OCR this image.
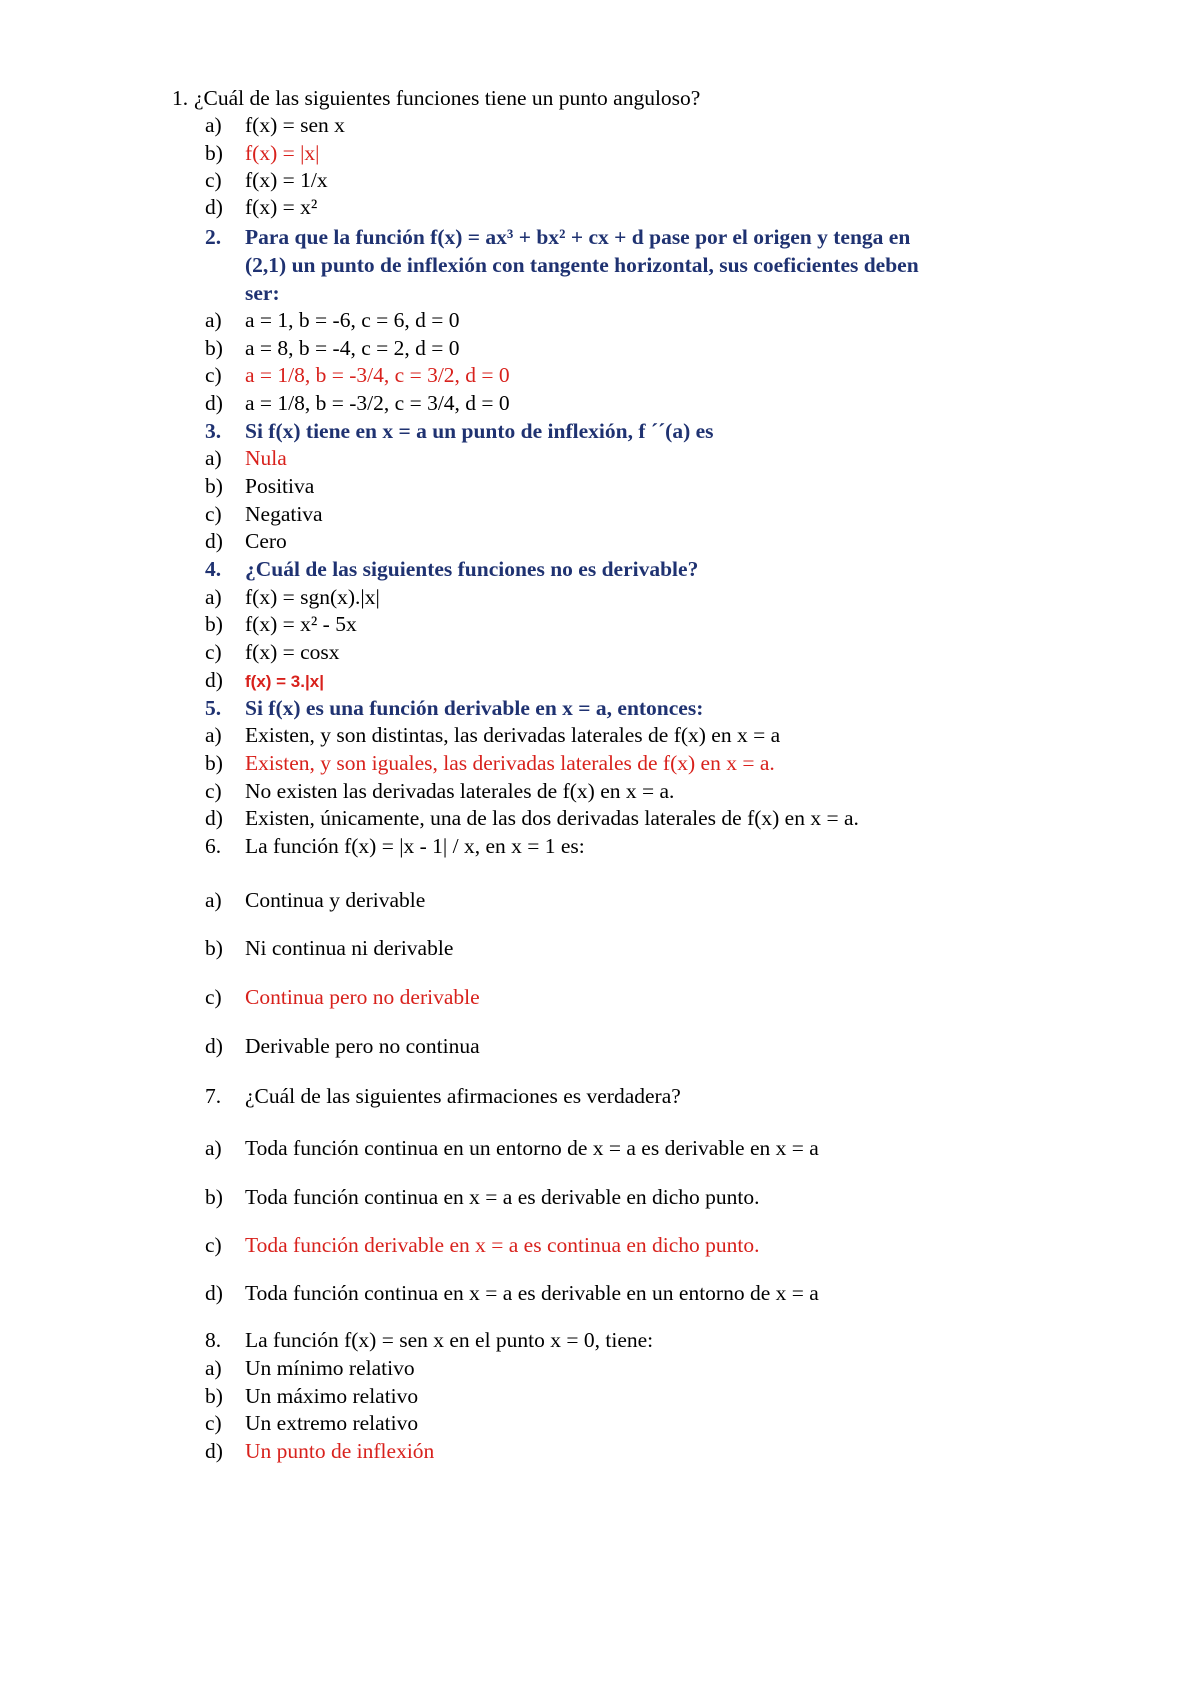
1. ¿Cuál de las siguientes funciones tiene un punto anguloso?
a) f(x) = sen x
b) f(x) = |x|
c) f(x) = 1/x
d) f(x) = x²
2. Para que la función f(x) = ax³ + bx² + cx + d pase por el origen y tenga en
(2,1) un punto de inflexión con tangente horizontal, sus coeficientes deben
ser:
a) a = 1, b = -6, c = 6, d = 0
b) a = 8, b = -4, c = 2, d = 0
c) a = 1/8, b = -3/4, c = 3/2, d = 0
d) a = 1/8, b = -3/2, c = 3/4, d = 0
3. Si f(x) tiene en x = a un punto de inflexión, f ´´(a) es
a) Nula
b) Positiva
c) Negativa
d) Cero
4. ¿Cuál de las siguientes funciones no es derivable?
a) f(x) = sgn(x).|x|
b) f(x) = x² - 5x
c) f(x) = cosx
d) f(x) = 3.|x|
5. Si f(x) es una función derivable en x = a, entonces:
a) Existen, y son distintas, las derivadas laterales de f(x) en x = a
b) Existen, y son iguales, las derivadas laterales de f(x) en x = a.
c) No existen las derivadas laterales de f(x) en x = a.
d) Existen, únicamente, una de las dos derivadas laterales de f(x) en x = a.
6. La función f(x) = |x - 1| / x, en x = 1 es:
a) Continua y derivable
b) Ni continua ni derivable
c) Continua pero no derivable
d) Derivable pero no continua
7. ¿Cuál de las siguientes afirmaciones es verdadera?
a) Toda función continua en un entorno de x = a es derivable en x = a
b) Toda función continua en x = a es derivable en dicho punto.
c) Toda función derivable en x = a es continua en dicho punto.
d) Toda función continua en x = a es derivable en un entorno de x = a
8. La función f(x) = sen x en el punto x = 0, tiene:
a) Un mínimo relativo
b) Un máximo relativo
c) Un extremo relativo
d) Un punto de inflexión
